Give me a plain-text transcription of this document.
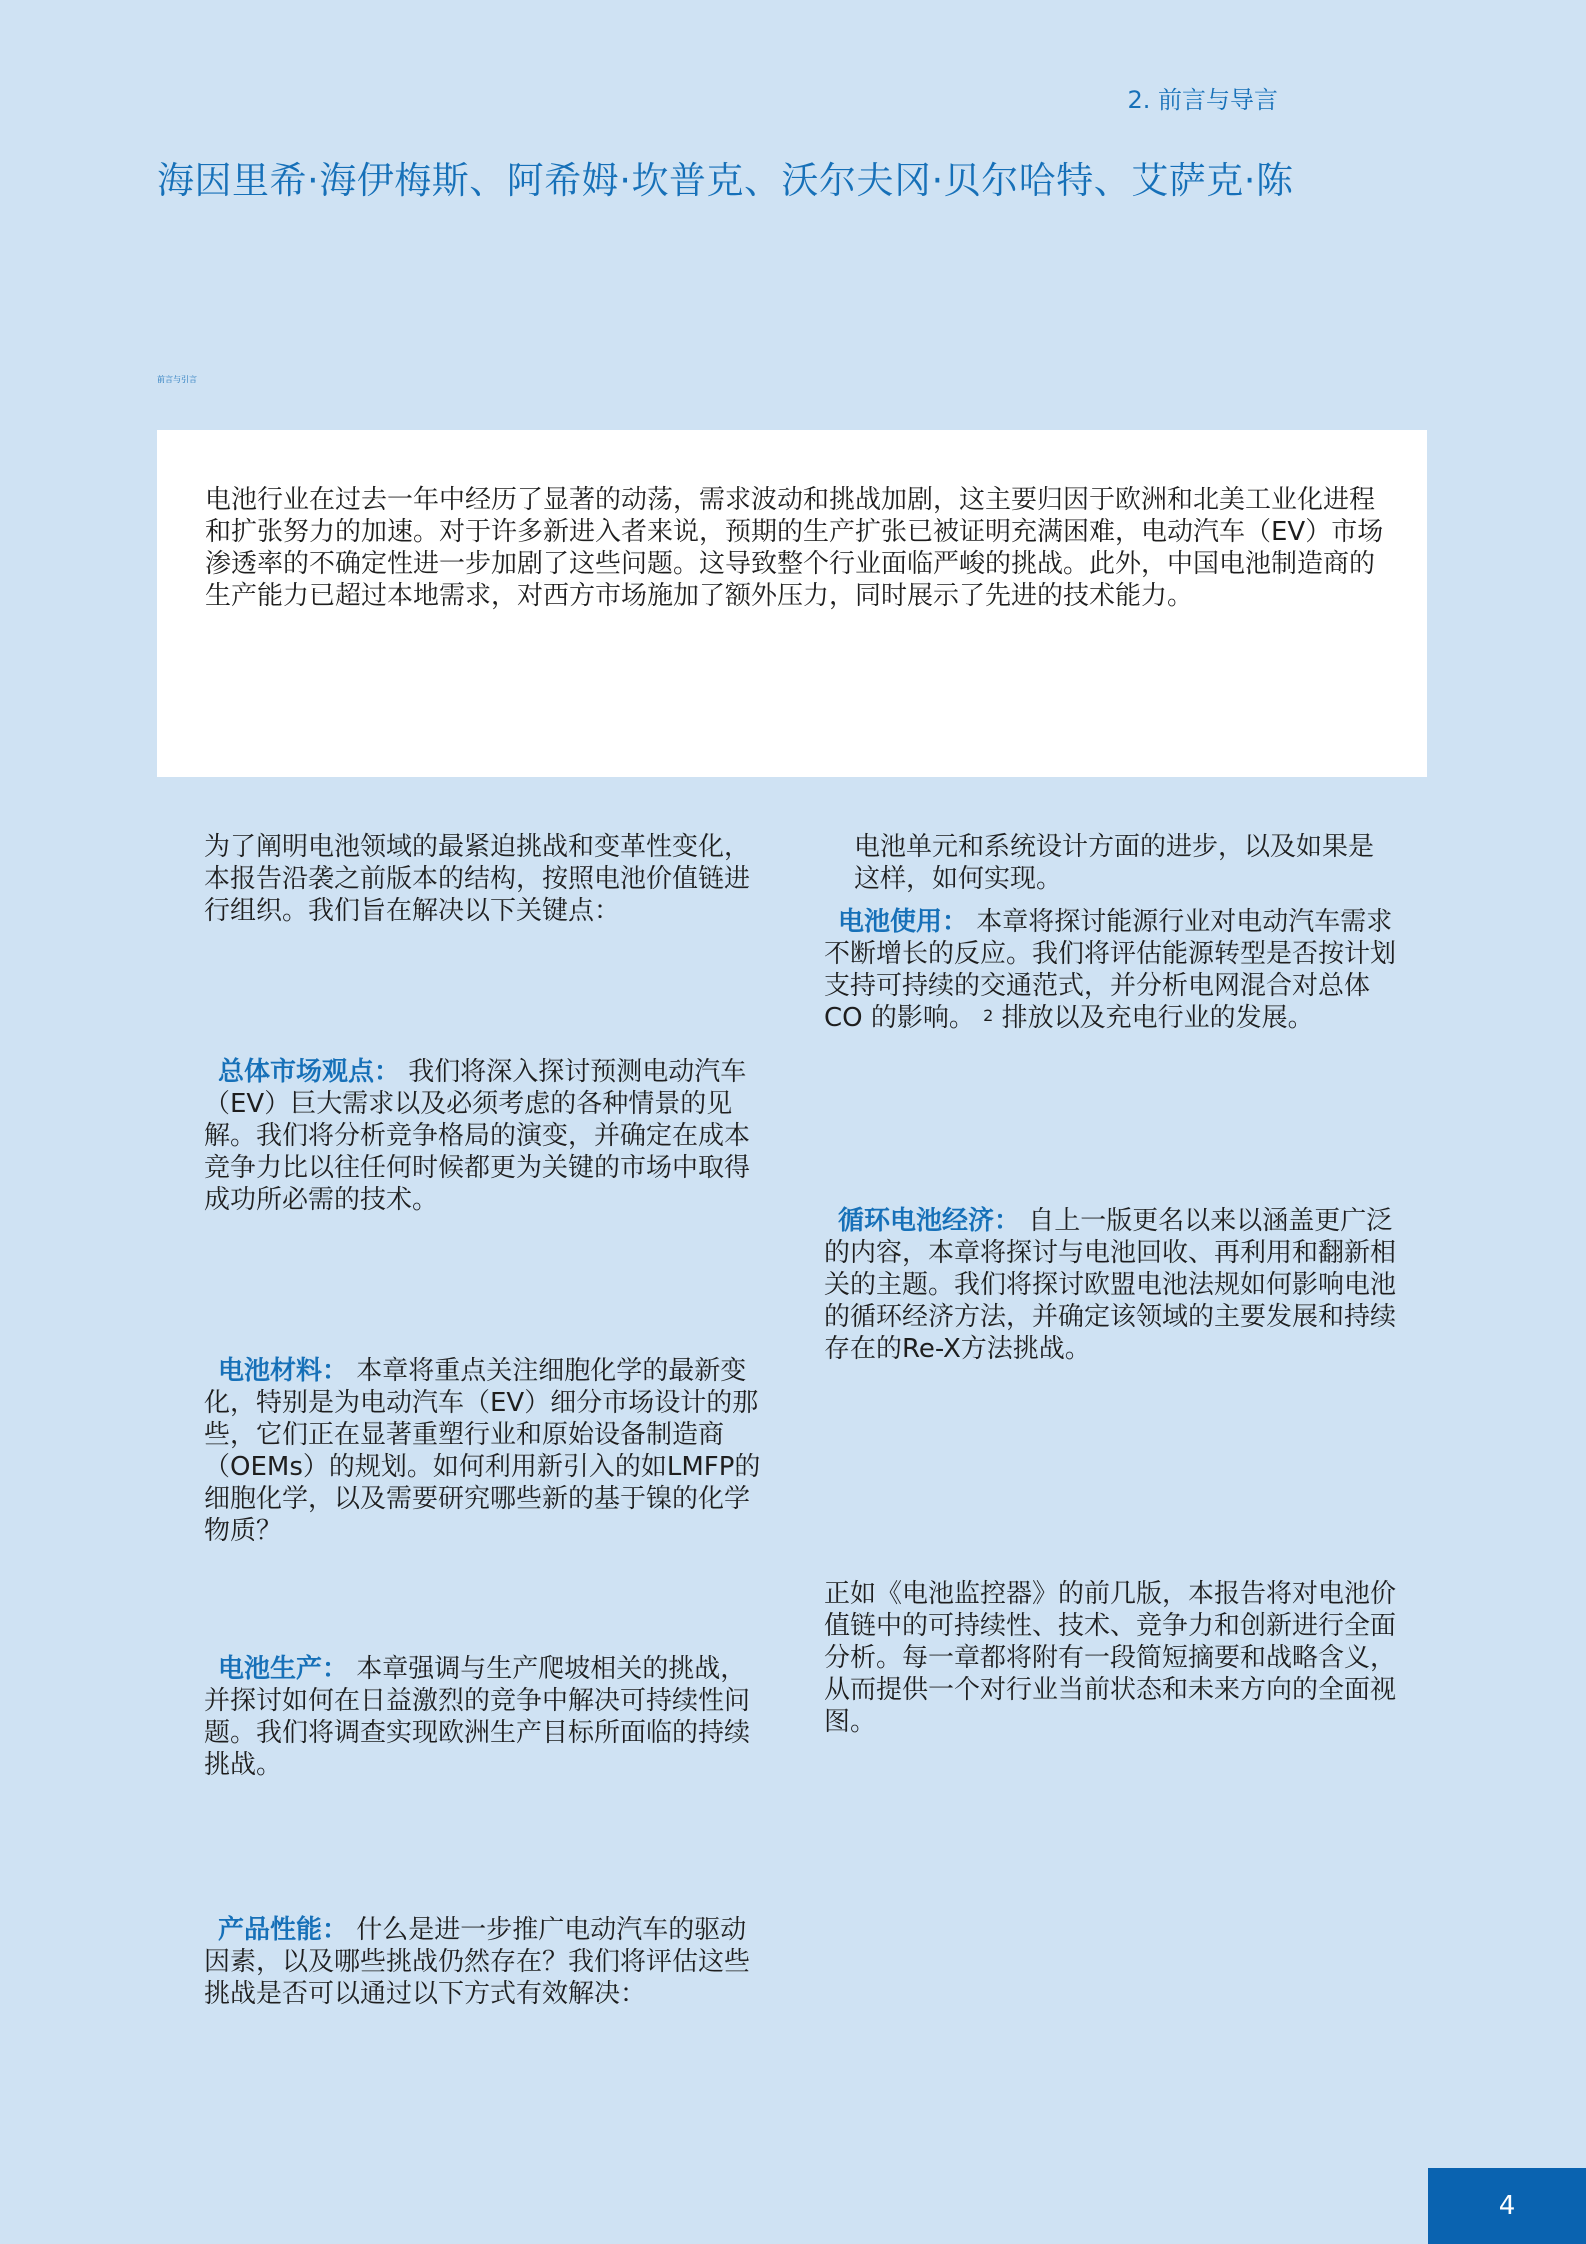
2. 前言与导言
海因里希·海伊梅斯、阿希姆·坎普克、沃尔夫冈·贝尔哈特、艾萨克·陈
前言与引言

电池行业在过去一年中经历了显著的动荡，需求波动和挑战加剧，这主要归因于欧洲和北美工业化进程和扩张努力的加速。对于许多新进入者来说，预期的生产扩张已被证明充满困难，电动汽车（EV）市场渗透率的不确定性进一步加剧了这些问题。这导致整个行业面临严峻的挑战。此外，中国电池制造商的生产能力已超过本地需求，对西方市场施加了额外压力，同时展示了先进的技术能力。

为了阐明电池领域的最紧迫挑战和变革性变化，本报告沿袭之前版本的结构，按照电池价值链进行组织。我们旨在解决以下关键点：

总体市场观点： 我们将深入探讨预测电动汽车（EV）巨大需求以及必须考虑的各种情景的见解。我们将分析竞争格局的演变，并确定在成本竞争力比以往任何时候都更为关键的市场中取得成功所必需的技术。

电池材料： 本章将重点关注细胞化学的最新变化，特别是为电动汽车（EV）细分市场设计的那些，它们正在显著重塑行业和原始设备制造商（OEMs）的规划。如何利用新引入的如LMFP的细胞化学，以及需要研究哪些新的基于镍的化学物质？

电池生产： 本章强调与生产爬坡相关的挑战，并探讨如何在日益激烈的竞争中解决可持续性问题。我们将调查实现欧洲生产目标所面临的持续挑战。

产品性能： 什么是进一步推广电动汽车的驱动因素，以及哪些挑战仍然存在？我们将评估这些挑战是否可以通过以下方式有效解决：

电池单元和系统设计方面的进步，以及如果是这样，如何实现。

电池使用： 本章将探讨能源行业对电动汽车需求不断增长的反应。我们将评估能源转型是否按计划支持可持续的交通范式，并分析电网混合对总体 CO 的影响。 $^2$ 排放以及充电行业的发展。

循环电池经济： 自上一版更名以来以涵盖更广泛的内容，本章将探讨与电池回收、再利用和翻新相关的主题。我们将探讨欧盟电池法规如何影响电池的循环经济方法，并确定该领域的主要发展和持续存在的Re-X方法挑战。

正如《电池监控器》的前几版，本报告将对电池价值链中的可持续性、技术、竞争力和创新进行全面分析。每一章都将附有一段简短摘要和战略含义，从而提供一个对行业当前状态和未来方向的全面视图。

4
